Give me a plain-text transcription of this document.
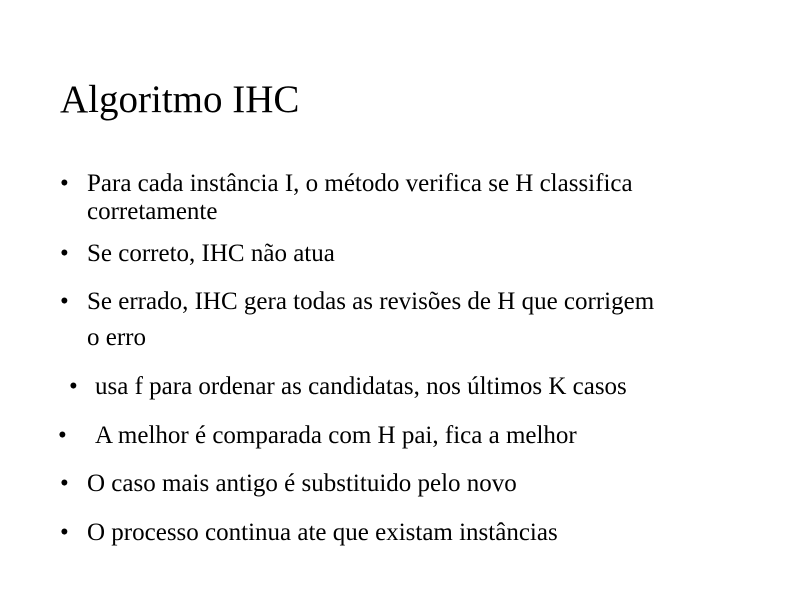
Algoritmo IHC
• Para cada instância I, o método verifica se H classifica
corretamente
• Se correto, IHC não atua
• Se errado, IHC gera todas as revisões de H que corrigem
o erro
• usa f para ordenar as candidatas, nos últimos K casos
• A melhor é comparada com H pai, fica a melhor
• O caso mais antigo é substituido pelo novo
• O processo continua ate que existam instâncias
